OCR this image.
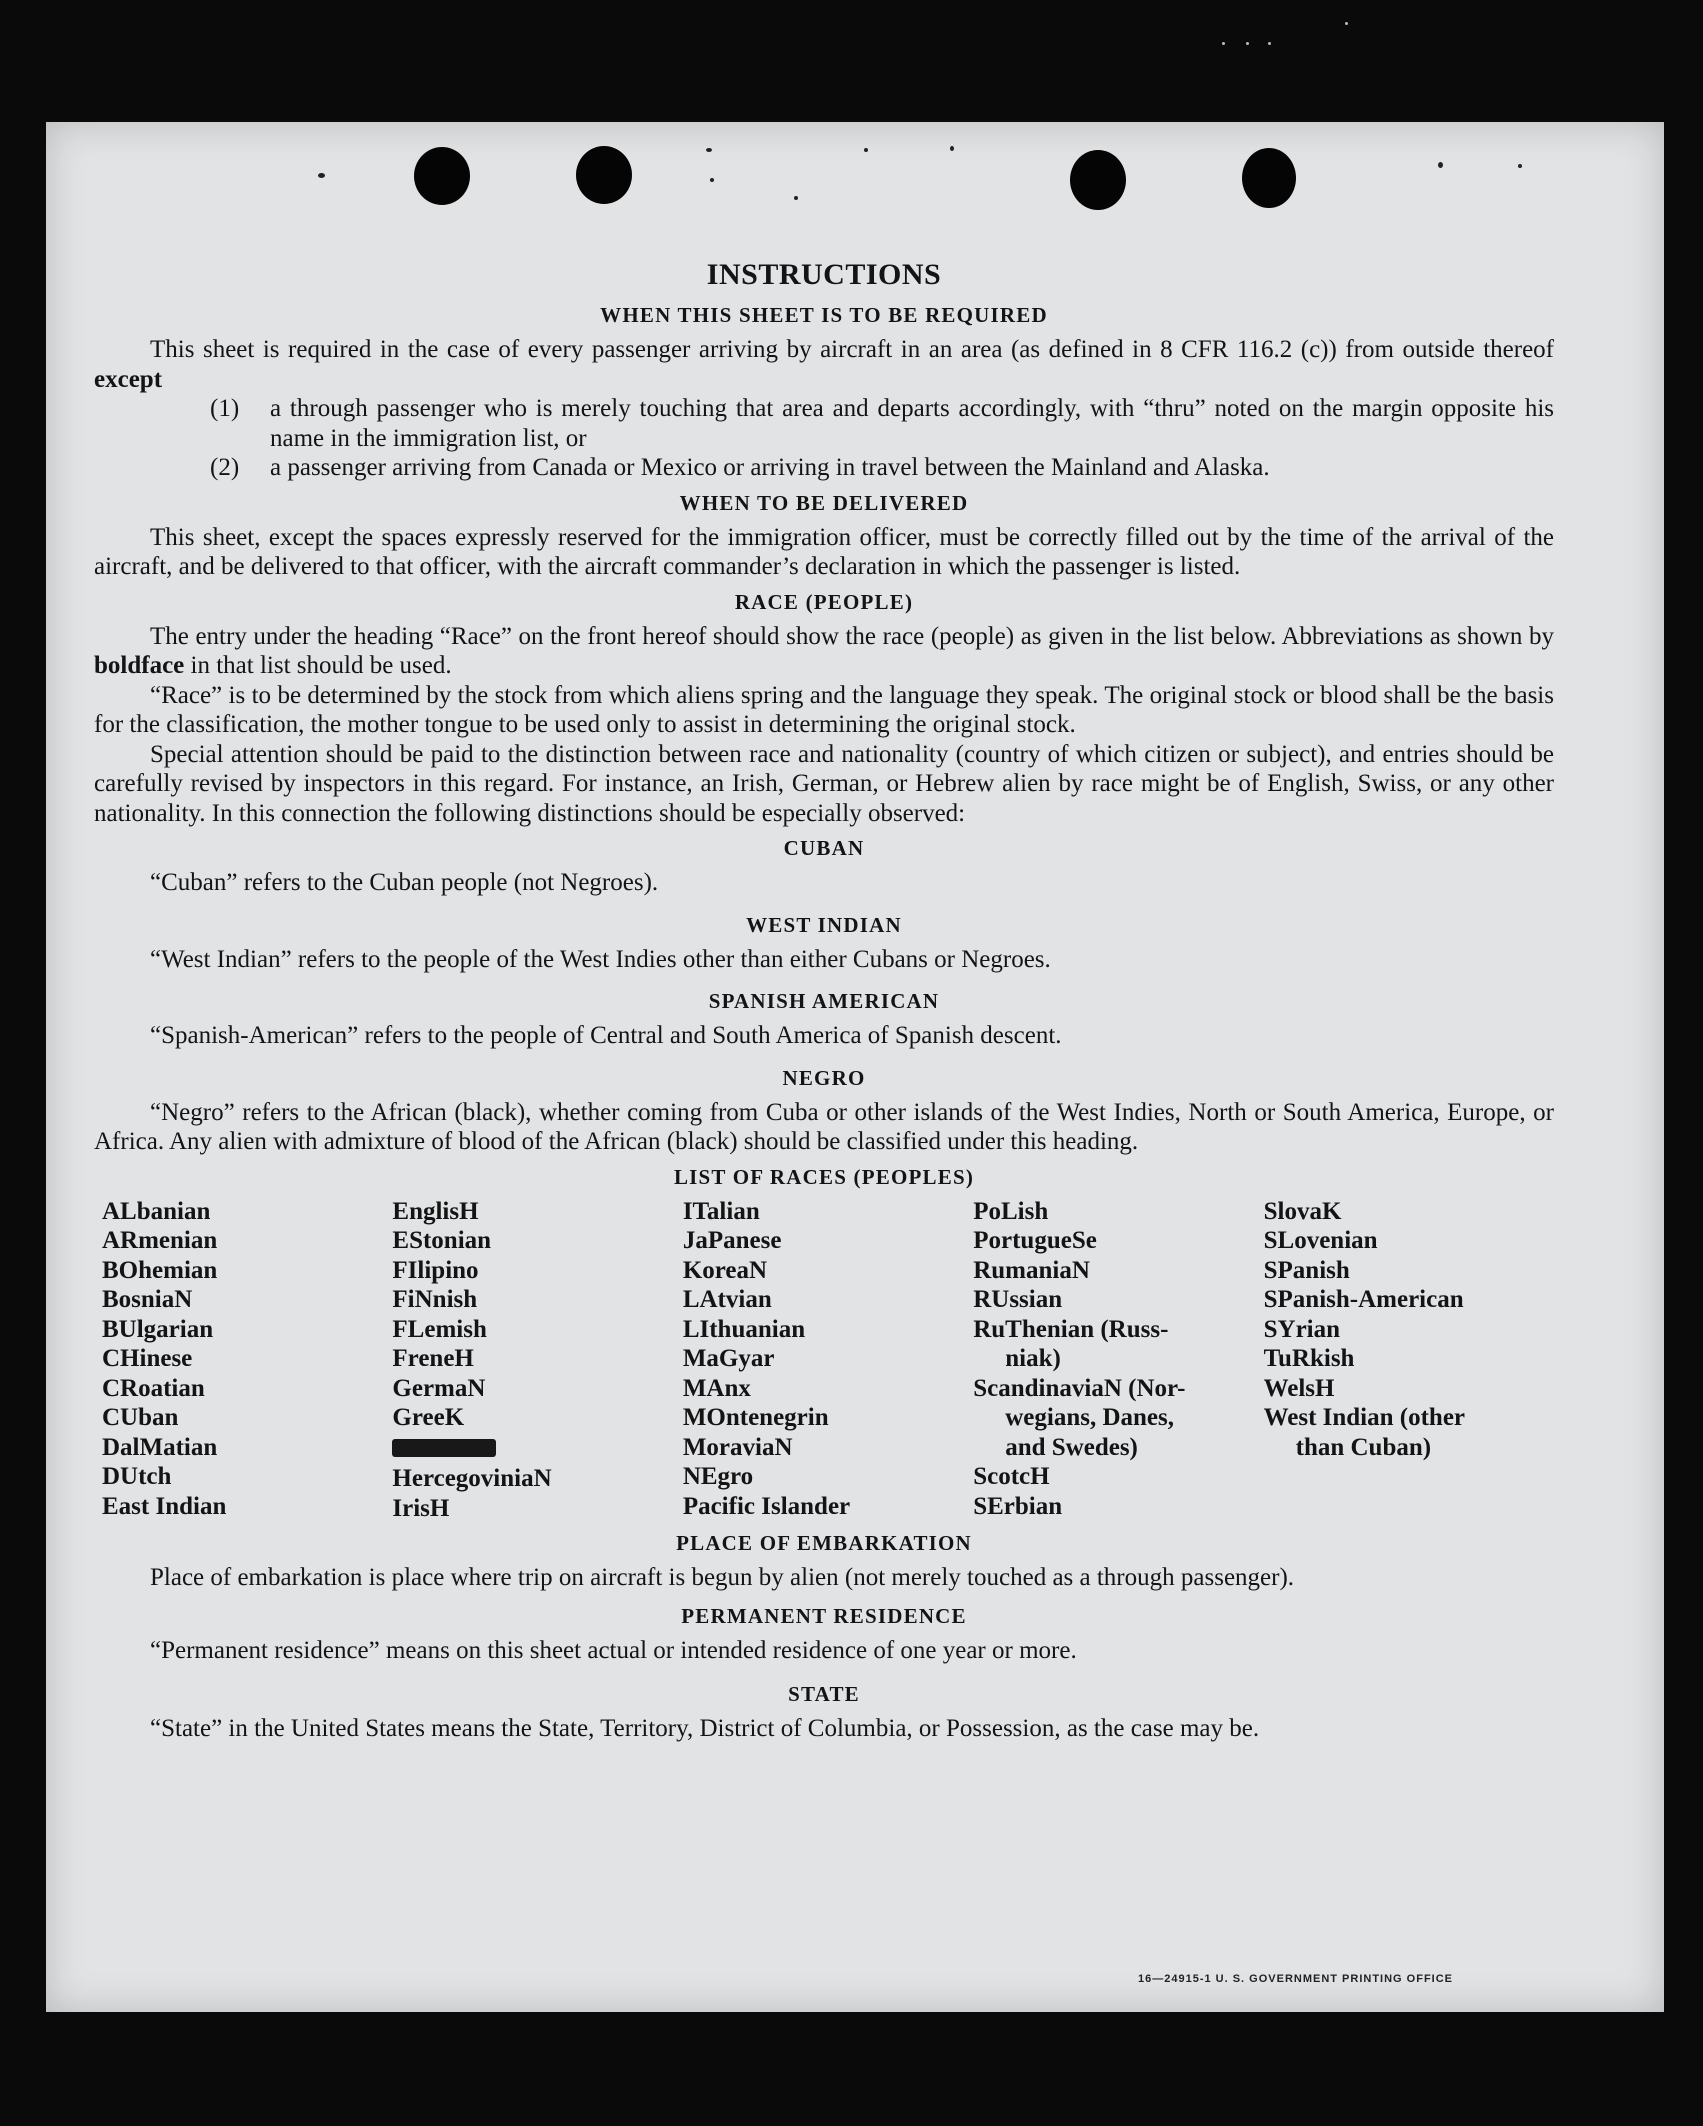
INSTRUCTIONS
WHEN THIS SHEET IS TO BE REQUIRED

This sheet is required in the case of every passenger arriving by aircraft in an area (as defined in 8 CFR 116.2 (c)) from outside thereof except

(1)	a through passenger who is merely touching that area and departs accordingly, with “thru” noted on the margin opposite his name in the immigration list, or
(2)	a passenger arriving from Canada or Mexico or arriving in travel between the Mainland and Alaska.
WHEN TO BE DELIVERED

This sheet, except the spaces expressly reserved for the immigration officer, must be correctly filled out by the time of the arrival of the aircraft, and be delivered to that officer, with the aircraft commander’s declaration in which the passenger is listed.

RACE (PEOPLE)

The entry under the heading “Race” on the front hereof should show the race (people) as given in the list below. Abbreviations as shown by boldface in that list should be used.

“Race” is to be determined by the stock from which aliens spring and the language they speak. The original stock or blood shall be the basis for the classification, the mother tongue to be used only to assist in determining the original stock.

Special attention should be paid to the distinction between race and nationality (country of which citizen or subject), and entries should be carefully revised by inspectors in this regard. For instance, an Irish, German, or Hebrew alien by race might be of English, Swiss, or any other nationality. In this connection the following distinctions should be especially observed:

CUBAN

“Cuban” refers to the Cuban people (not Negroes).

WEST INDIAN

“West Indian” refers to the people of the West Indies other than either Cubans or Negroes.

SPANISH AMERICAN

“Spanish-American” refers to the people of Central and South America of Spanish descent.

NEGRO

“Negro” refers to the African (black), whether coming from Cuba or other islands of the West Indies, North or South America, Europe, or Africa. Any alien with admixture of blood of the African (black) should be classified under this heading.

LIST OF RACES (PEOPLES)
ALbanian
ARmenian
BOhemian
BosniaN
BUlgarian
CHinese
CRoatian
CUban
DalMatian
DUtch
East Indian
EnglisH
EStonian
FIlipino
FiNnish
FLemish
FreneH
GermaN
GreeK
HercegoviniaN
IrisH
ITalian
JaPanese
KoreaN
LAtvian
LIthuanian
MaGyar
MAnx
MOntenegrin
MoraviaN
NEgro
Pacific Islander
PoLish
PortugueSe
RumaniaN
RUssian
RuThenian (Russ-
niak)
ScandinaviaN (Nor-
wegians, Danes,
and Swedes)
ScotcH
SErbian
SlovaK
SLovenian
SPanish
SPanish-American
SYrian
TuRkish
WelsH
West Indian (other
than Cuban)
PLACE OF EMBARKATION

Place of embarkation is place where trip on aircraft is begun by alien (not merely touched as a through passenger).

PERMANENT RESIDENCE

“Permanent residence” means on this sheet actual or intended residence of one year or more.

STATE

“State” in the United States means the State, Territory, District of Columbia, or Possession, as the case may be.

16—24915-1 U. S. GOVERNMENT PRINTING OFFICE
